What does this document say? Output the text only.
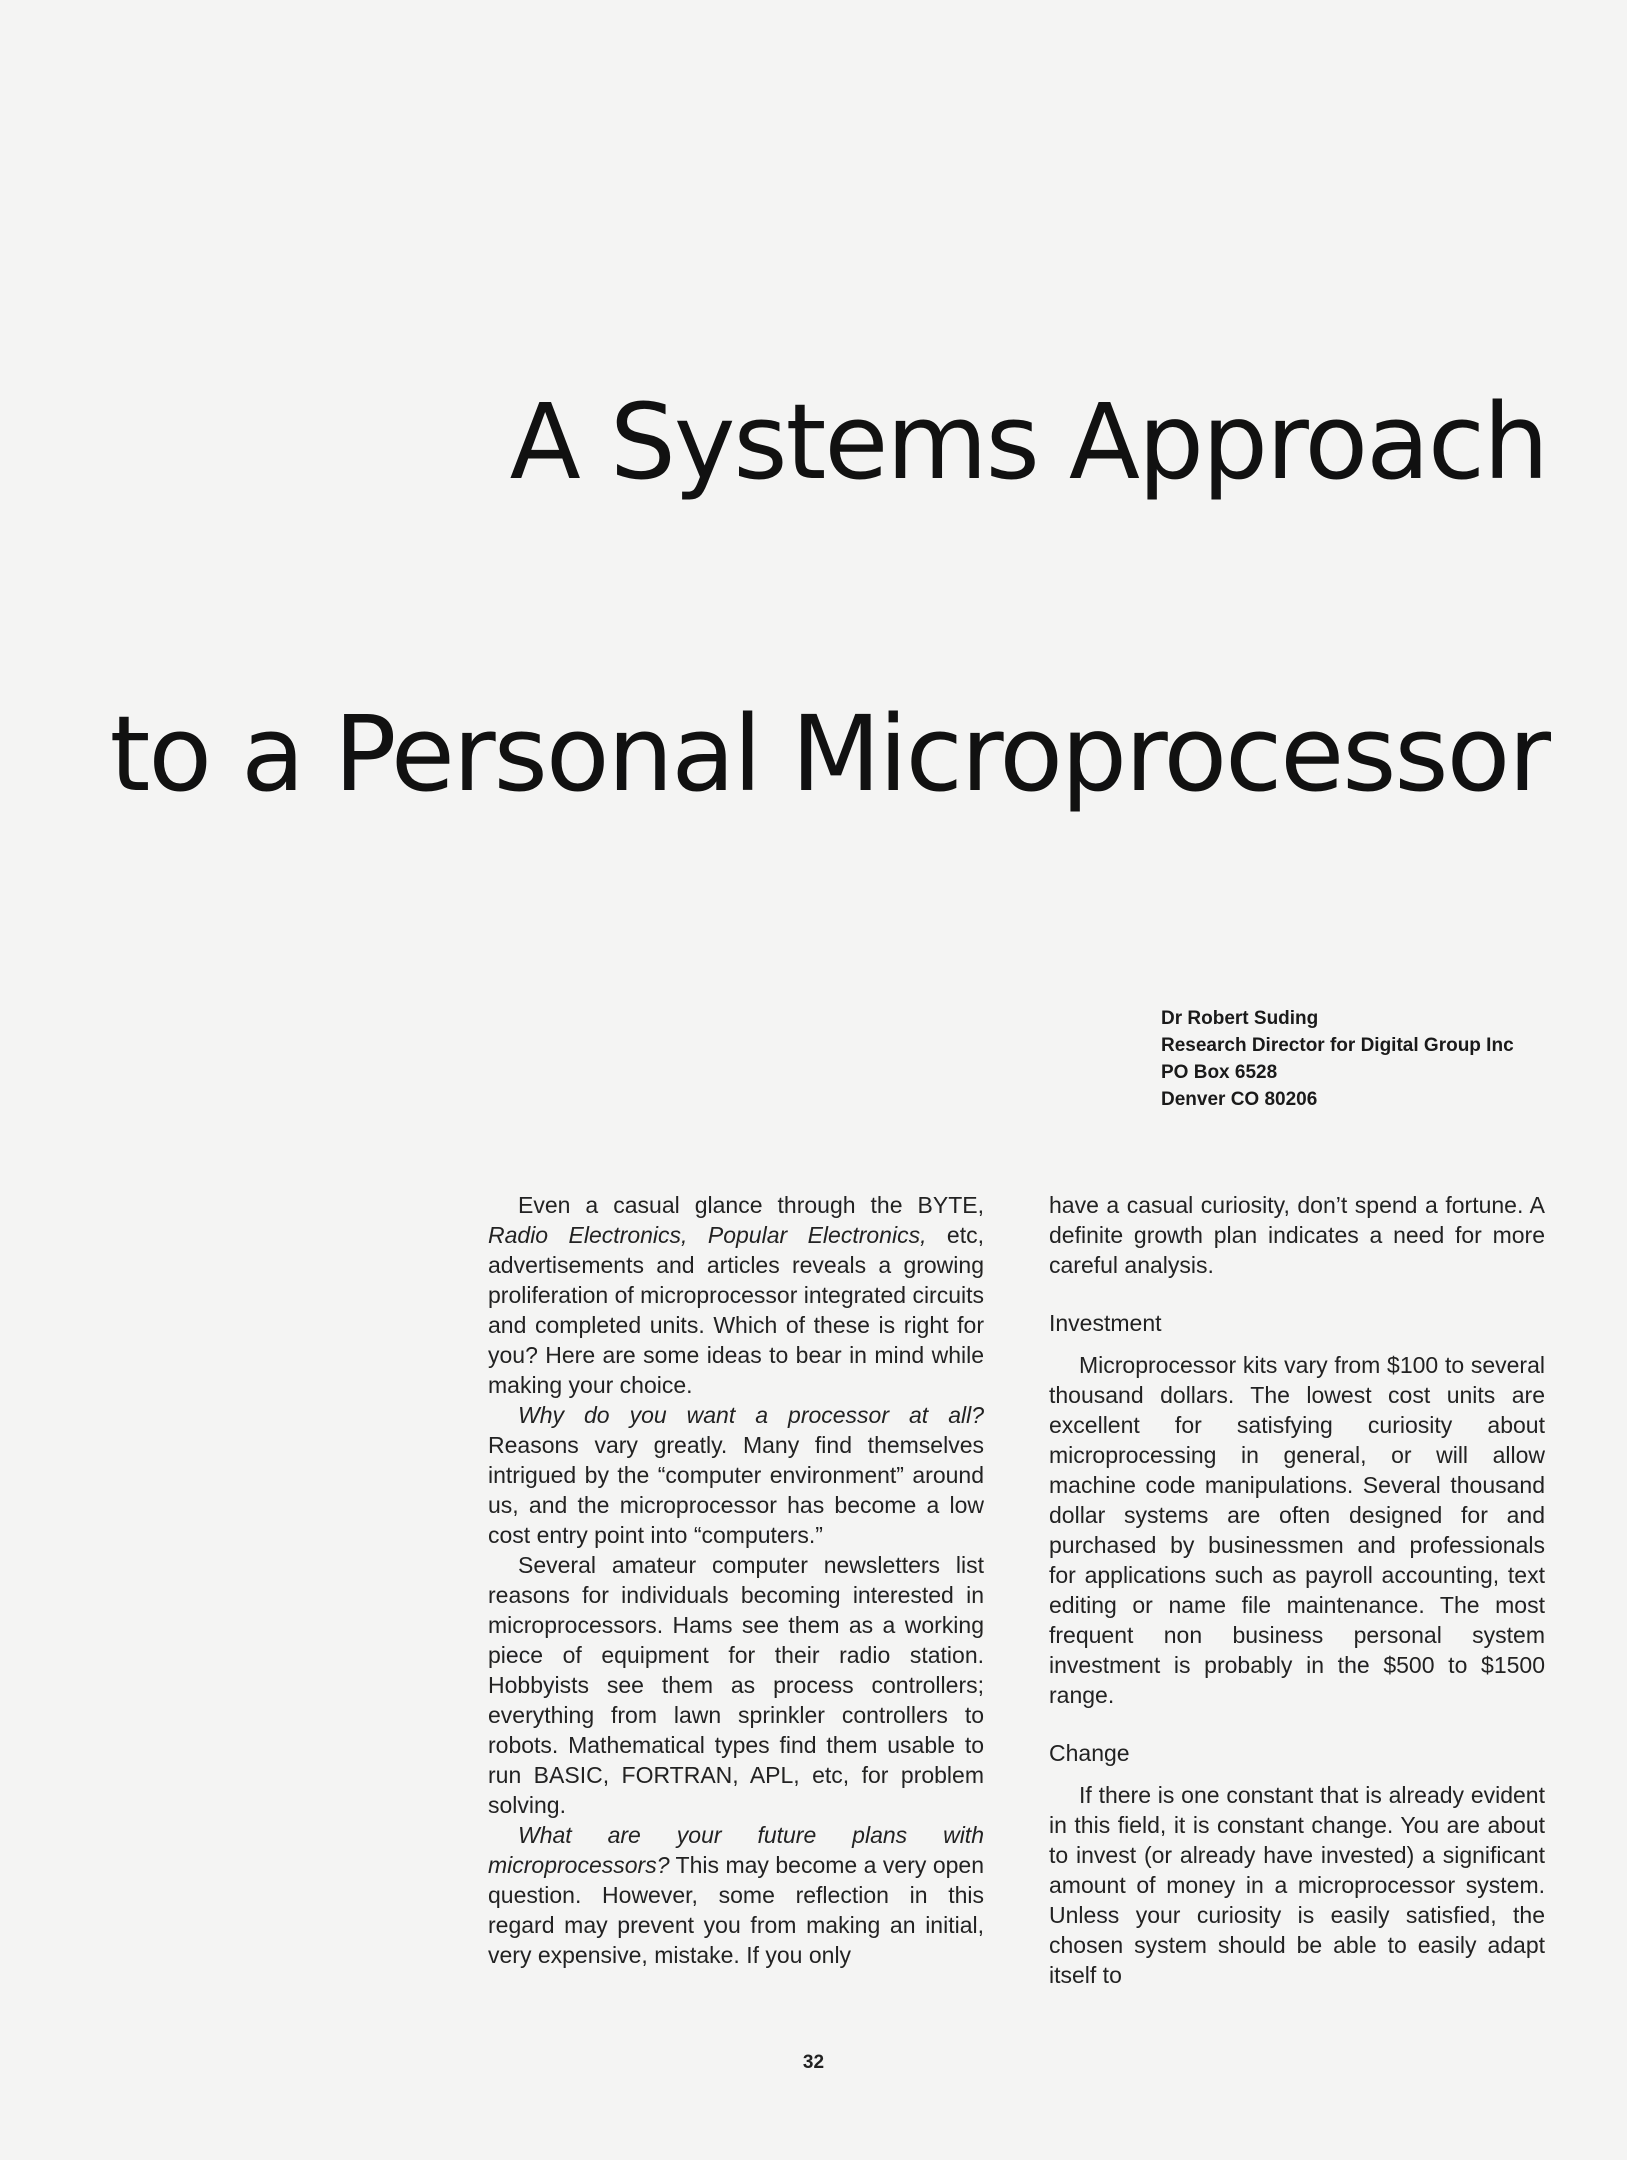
A Systems Approach
to a Personal Microprocessor
Dr Robert Suding
Research Director for Digital Group Inc
PO Box 6528
Denver CO 80206

Even a casual glance through the BYTE, Radio Electronics, Popular Electronics, etc, advertisements and articles reveals a growing proliferation of microprocessor integrated circuits and completed units. Which of these is right for you? Here are some ideas to bear in mind while making your choice.

Why do you want a processor at all? Reasons vary greatly. Many find themselves intrigued by the “computer environment” around us, and the microprocessor has become a low cost entry point into “computers.”

Several amateur computer newsletters list reasons for individuals becoming interested in microprocessors. Hams see them as a working piece of equipment for their radio station. Hobbyists see them as process controllers; everything from lawn sprinkler controllers to robots. Mathematical types find them usable to run BASIC, FORTRAN, APL, etc, for problem solving.

What are your future plans with microprocessors? This may become a very open question. However, some reflection in this regard may prevent you from making an initial, very expensive, mistake. If you only

have a casual curiosity, don’t spend a fortune. A definite growth plan indicates a need for more careful analysis.

Investment

Microprocessor kits vary from $100 to several thousand dollars. The lowest cost units are excellent for satisfying curiosity about microprocessing in general, or will allow machine code manipulations. Several thousand dollar systems are often designed for and purchased by businessmen and professionals for applications such as payroll accounting, text editing or name file maintenance. The most frequent non business personal system investment is probably in the $500 to $1500 range.

Change

If there is one constant that is already evident in this field, it is constant change. You are about to invest (or already have invested) a significant amount of money in a microprocessor system. Unless your curiosity is easily satisfied, the chosen system should be able to easily adapt itself to

32
